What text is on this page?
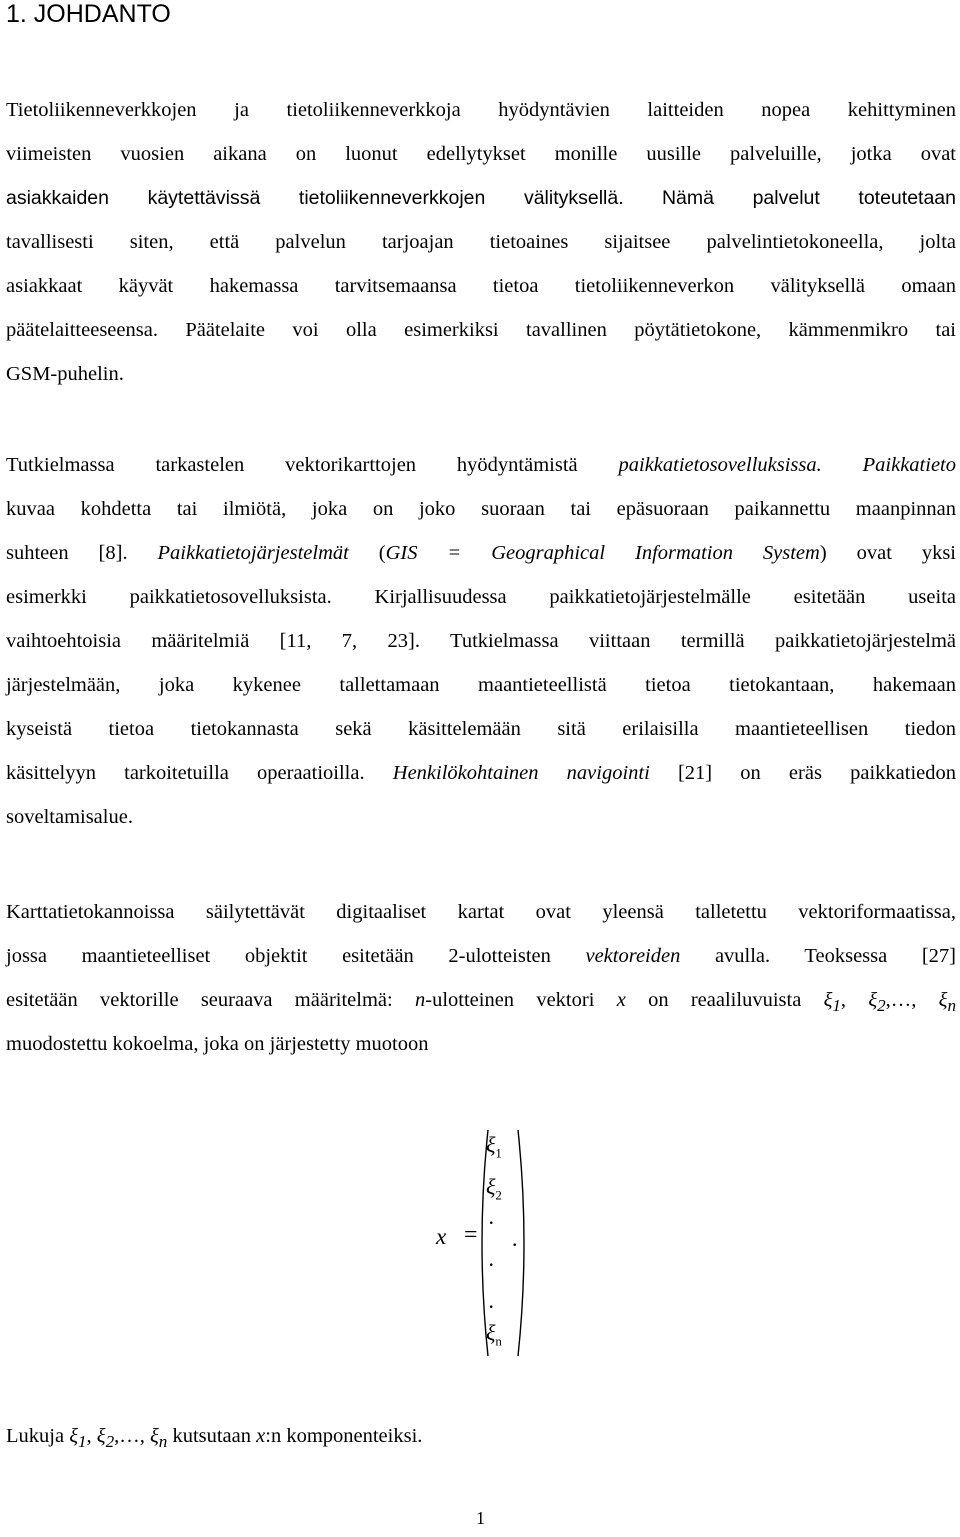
1. JOHDANTO
Tietoliikenneverkkojen ja tietoliikenneverkkoja hyödyntävien laitteiden nopea kehittyminen
viimeisten vuosien aikana on luonut edellytykset monille uusille palveluille, jotka ovat
asiakkaiden käytettävissä tietoliikenneverkkojen välityksellä. Nämä palvelut toteutetaan
tavallisesti siten, että palvelun tarjoajan tietoaines sijaitsee palvelintietokoneella, jolta
asiakkaat käyvät hakemassa tarvitsemaansa tietoa tietoliikenneverkon välityksellä omaan
päätelaitteeseensa. Päätelaite voi olla esimerkiksi tavallinen pöytätietokone, kämmenmikro tai
GSM-puhelin.
Tutkielmassa tarkastelen vektorikarttojen hyödyntämistä paikkatietosovelluksissa. Paikkatieto
kuvaa kohdetta tai ilmiötä, joka on joko suoraan tai epäsuoraan paikannettu maanpinnan
suhteen [8]. Paikkatietojärjestelmät (GIS = Geographical Information System) ovat yksi
esimerkki paikkatietosovelluksista. Kirjallisuudessa paikkatietojärjestelmälle esitetään useita
vaihtoehtoisia määritelmiä [11, 7, 23]. Tutkielmassa viittaan termillä paikkatietojärjestelmä
järjestelmään, joka kykenee tallettamaan maantieteellistä tietoa tietokantaan, hakemaan
kyseistä tietoa tietokannasta sekä käsittelemään sitä erilaisilla maantieteellisen tiedon
käsittelyyn tarkoitetuilla operaatioilla. Henkilökohtainen navigointi [21] on eräs paikkatiedon
soveltamisalue.
Karttatietokannoissa säilytettävät digitaaliset kartat ovat yleensä talletettu vektoriformaatissa,
jossa maantieteelliset objektit esitetään 2-ulotteisten vektoreiden avulla. Teoksessa [27]
esitetään vektorille seuraava määritelmä: n-ulotteinen vektori x on reaaliluvuista $\xi_1$, $\xi_2,\dots$, $\xi_n$
muodostettu kokoelma, joka on järjestetty muotoon
x =
$\xi_1$
$\xi_2$
.
.
.
$\xi_n$
.
Lukuja $\xi_1$, $\xi_2,\dots$, $\xi_n$ kutsutaan x:n komponenteiksi.
1
